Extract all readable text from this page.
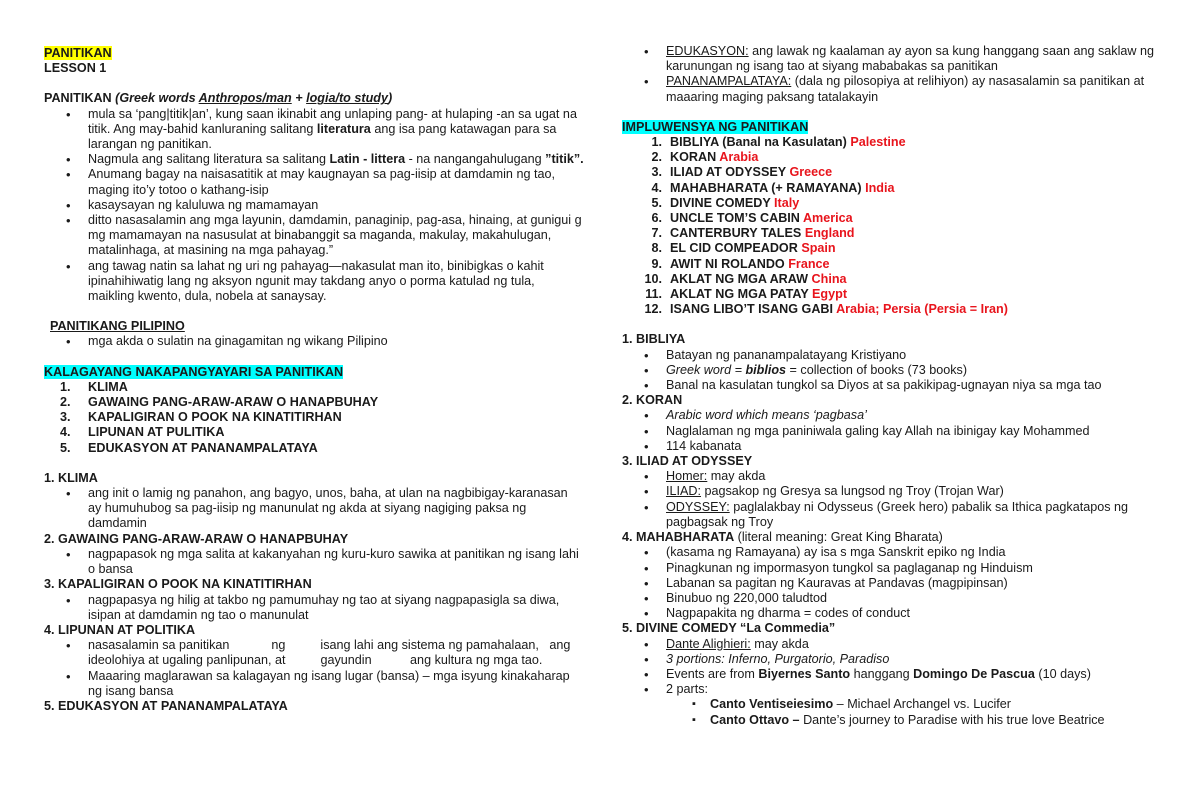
PANITIKAN

LESSON 1

PANITIKAN (Greek words Anthropos/man + logia/to study)

• mula sa ‘pang|titik|an’, kung saan ikinabit ang unlaping pang- at hulaping -an sa ugat na titik. Ang may-bahid kanluraning salitang literatura ang isa pang katawagan para sa larangan ng panitikan.
• Nagmula ang salitang literatura sa salitang Latin - littera - na nangangahulugang ”titik”.
• Anumang bagay na naisasatitik at may kaugnayan sa pag-iisip at damdamin ng tao, maging ito’y totoo o kathang-isip
• kasaysayan ng kaluluwa ng mamamayan
• ditto nasasalamin ang mga layunin, damdamin, panaginip, pag-asa, hinaing, at gunigui g mg mamamayan na nasusulat at binabanggit sa maganda, makulay, makahulugan, matalinhaga, at masining na mga pahayag.”
• ang tawag natin sa lahat ng uri ng pahayag—nakasulat man ito, binibigkas o kahit ipinahihiwatig lang ng aksyon ngunit may takdang anyo o porma katulad ng tula, maikling kwento, dula, nobela at sanaysay.

PANITIKANG PILIPINO

• mga akda o sulatin na ginagamitan ng wikang Pilipino

KALAGAYANG NAKAPANGYAYARI SA PANITIKAN

1.	KLIMA
2.	GAWAING PANG-ARAW-ARAW O HANAPBUHAY
3.	KAPALIGIRAN O POOK NA KINATITIRHAN
4.	LIPUNAN AT PULITIKA
5.	EDUKASYON AT PANANAMPALATAYA

1. KLIMA

• ang init o lamig ng panahon, ang bagyo, unos, baha, at ulan na nagbibigay-karanasan ay humuhubog sa pag-iisip ng manunulat ng akda at siyang nagiging paksa ng damdamin

2. GAWAING PANG-ARAW-ARAW O HANAPBUHAY

• nagpapasok ng mga salita at kakanyahan ng kuru-kuro sawika at panitikan ng isang lahi o bansa

3. KAPALIGIRAN O POOK NA KINATITIRHAN

• nagpapasya ng hilig at takbo ng pamumuhay ng tao at siyang nagpapasigla sa diwa, isipan at damdamin ng tao o manunulat

4. LIPUNAN AT POLITIKA

• nasasalamin sa panitikan            ng          isang lahi ang sistema ng pamahalaan,   ang ideolohiya at ugaling panlipunan, at          gayundin           ang kultura ng mga tao.
• Maaaring maglarawan sa kalagayan ng isang lugar (bansa) – mga isyung kinakaharap ng isang bansa

5. EDUKASYON AT PANANAMPALATAYA

• EDUKASYON: ang lawak ng kaalaman ay ayon sa kung hanggang saan ang saklaw ng karunungan ng isang tao at siyang mababakas sa panitikan
• PANANAMPALATAYA: (dala ng pilosopiya at relihiyon) ay nasasalamin sa panitikan at maaaring maging paksang tatalakayin

IMPLUWENSYA NG PANITIKAN

1. BIBLIYA (Banal na Kasulatan) Palestine
2. KORAN Arabia
3. ILIAD AT ODYSSEY Greece
4. MAHABHARATA (+ RAMAYANA) India
5. DIVINE COMEDY Italy
6. UNCLE TOM’S CABIN America
7. CANTERBURY TALES England
8. EL CID COMPEADOR Spain
9. AWIT NI ROLANDO France
10. AKLAT NG MGA ARAW China
11. AKLAT NG MGA PATAY Egypt
12. ISANG LIBO’T ISANG GABI Arabia; Persia (Persia = Iran)

1. BIBLIYA

• Batayan ng pananampalatayang Kristiyano
• Greek word = biblios = collection of books (73 books)
• Banal na kasulatan tungkol sa Diyos at sa pakikipag-ugnayan niya sa mga tao

2. KORAN

• Arabic word which means ‘pagbasa’
• Naglalaman ng mga paniniwala galing kay Allah na ibinigay kay Mohammed
• 114 kabanata

3. ILIAD AT ODYSSEY

• Homer: may akda
• ILIAD: pagsakop ng Gresya sa lungsod ng Troy (Trojan War)
• ODYSSEY: paglalakbay ni Odysseus (Greek hero) pabalik sa Ithica pagkatapos ng pagbagsak ng Troy

4. MAHABHARATA (literal meaning: Great King Bharata)

• (kasama ng Ramayana) ay isa s mga Sanskrit epiko ng India
• Pinagkunan ng impormasyon tungkol sa paglaganap ng Hinduism
• Labanan sa pagitan ng Kauravas at Pandavas (magpipinsan)
• Binubuo ng 220,000 taludtod
• Nagpapakita ng dharma = codes of conduct

5. DIVINE COMEDY “La Commedia”

• Dante Alighieri: may akda
• 3 portions: Inferno, Purgatorio, Paradiso
• Events are from Biyernes Santo hanggang Domingo De Pascua (10 days)
• 2 parts:
▪ Canto Ventiseiesimo – Michael Archangel vs. Lucifer
▪ Canto Ottavo – Dante’s journey to Paradise with his true love Beatrice
